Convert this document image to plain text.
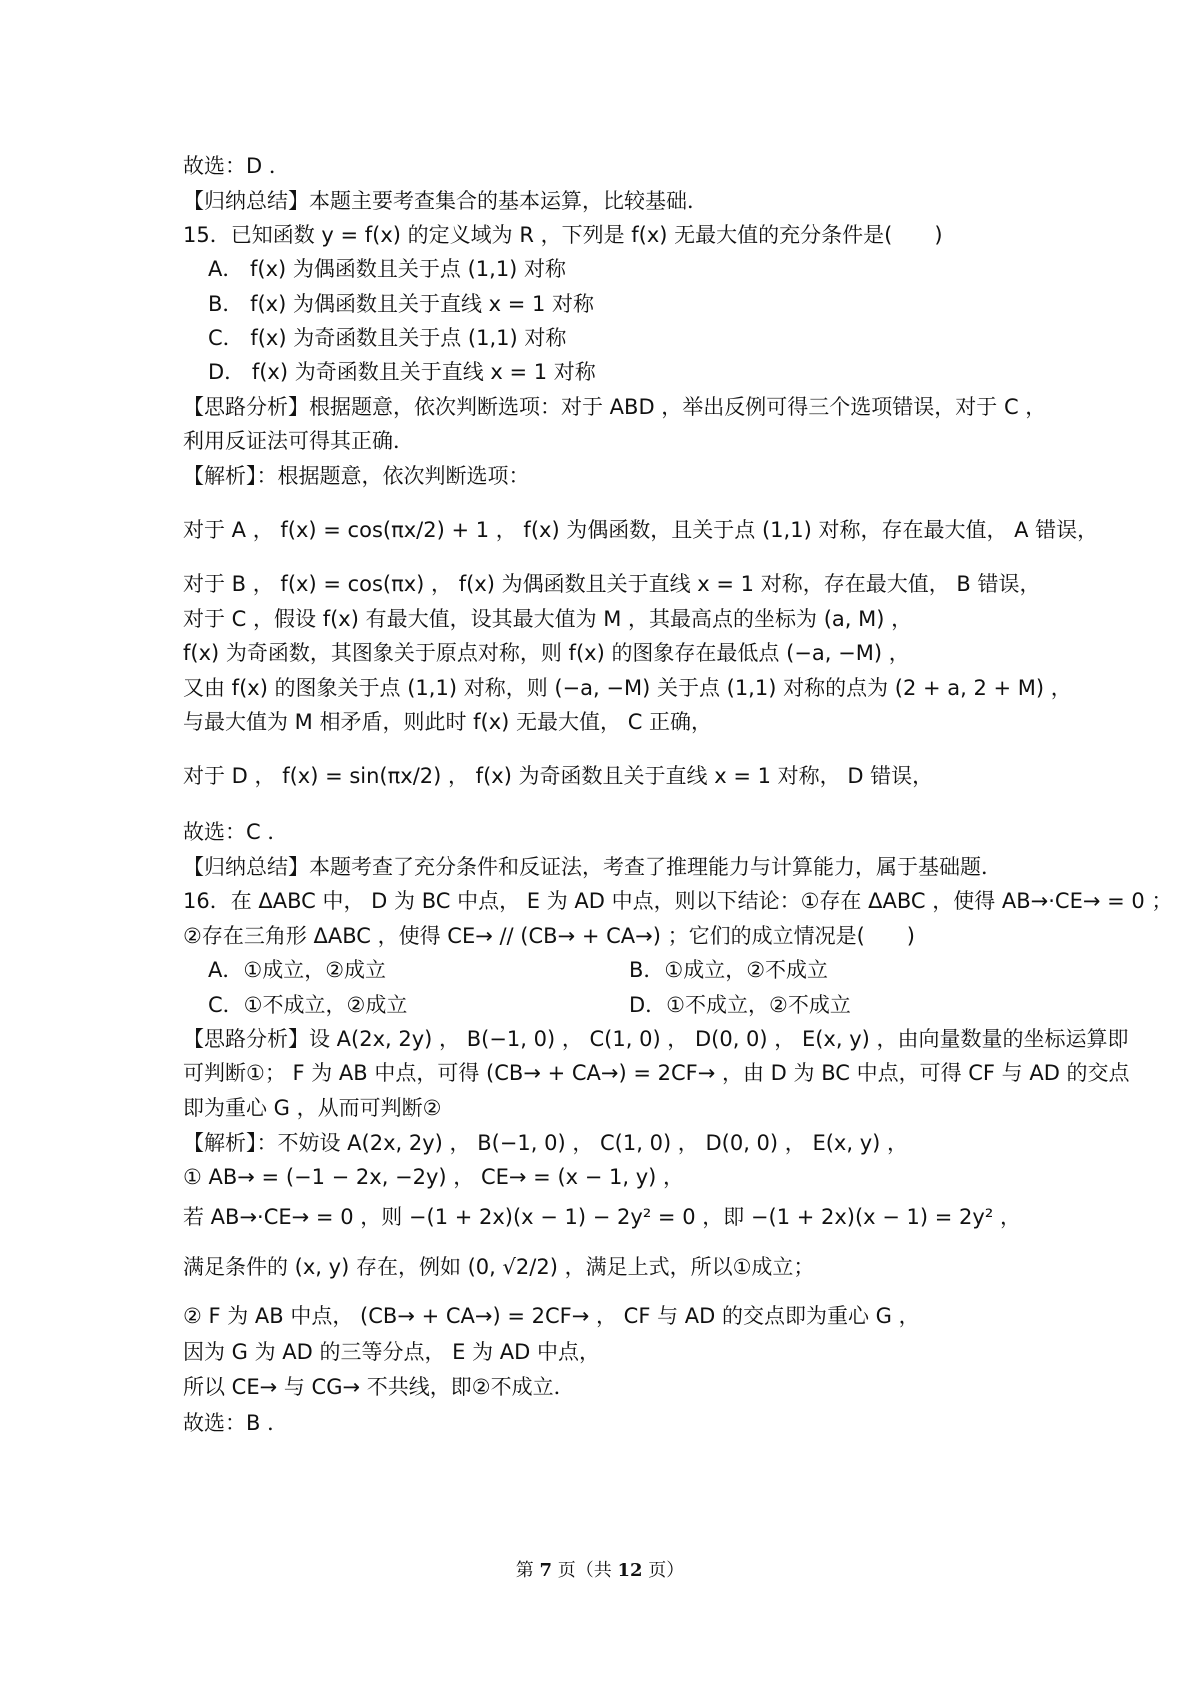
故选：D ．
【归纳总结】本题主要考查集合的基本运算，比较基础．
15．已知函数 y = f(x) 的定义域为 R ，下列是 f(x) 无最大值的充分条件是(　　)
A． f(x) 为偶函数且关于点 (1,1) 对称
B． f(x) 为偶函数且关于直线 x = 1 对称
C． f(x) 为奇函数且关于点 (1,1) 对称
D． f(x) 为奇函数且关于直线 x = 1 对称
【思路分析】根据题意，依次判断选项：对于 ABD ，举出反例可得三个选项错误，对于 C ，
利用反证法可得其正确．
【解析】：根据题意，依次判断选项：
对于 A ， f(x) = cos(πx/2) + 1 ， f(x) 为偶函数，且关于点 (1,1) 对称，存在最大值， A 错误，
对于 B ， f(x) = cos(πx) ， f(x) 为偶函数且关于直线 x = 1 对称，存在最大值， B 错误，
对于 C ，假设 f(x) 有最大值，设其最大值为 M ，其最高点的坐标为 (a, M) ，
f(x) 为奇函数，其图象关于原点对称，则 f(x) 的图象存在最低点 (−a, −M) ，
又由 f(x) 的图象关于点 (1,1) 对称，则 (−a, −M) 关于点 (1,1) 对称的点为 (2 + a, 2 + M) ，
与最大值为 M 相矛盾，则此时 f(x) 无最大值， C 正确，
对于 D ， f(x) = sin(πx/2) ， f(x) 为奇函数且关于直线 x = 1 对称， D 错误，
故选：C ．
【归纳总结】本题考查了充分条件和反证法，考查了推理能力与计算能力，属于基础题．
16．在 ΔABC 中， D 为 BC 中点， E 为 AD 中点，则以下结论：①存在 ΔABC ，使得 AB→·CE→ = 0 ；
②存在三角形 ΔABC ，使得 CE→ // (CB→ + CA→) ；它们的成立情况是(　　)
A．①成立，②成立	B．①成立，②不成立
C．①不成立，②成立	D．①不成立，②不成立
【思路分析】设 A(2x, 2y) ， B(−1, 0) ， C(1, 0) ， D(0, 0) ， E(x, y) ，由向量数量的坐标运算即
可判断①； F 为 AB 中点，可得 (CB→ + CA→) = 2CF→ ，由 D 为 BC 中点，可得 CF 与 AD 的交点
即为重心 G ，从而可判断②
【解析】：不妨设 A(2x, 2y) ， B(−1, 0) ， C(1, 0) ， D(0, 0) ， E(x, y) ，
① AB→ = (−1 − 2x, −2y) ， CE→ = (x − 1, y) ，
若 AB→·CE→ = 0 ，则 −(1 + 2x)(x − 1) − 2y² = 0 ，即 −(1 + 2x)(x − 1) = 2y² ，
满足条件的 (x, y) 存在，例如 (0, √2/2) ，满足上式，所以①成立；
② F 为 AB 中点， (CB→ + CA→) = 2CF→ ， CF 与 AD 的交点即为重心 G ，
因为 G 为 AD 的三等分点， E 为 AD 中点，
所以 CE→ 与 CG→ 不共线，即②不成立．
故选：B ．
第 7 页（共 12 页）
